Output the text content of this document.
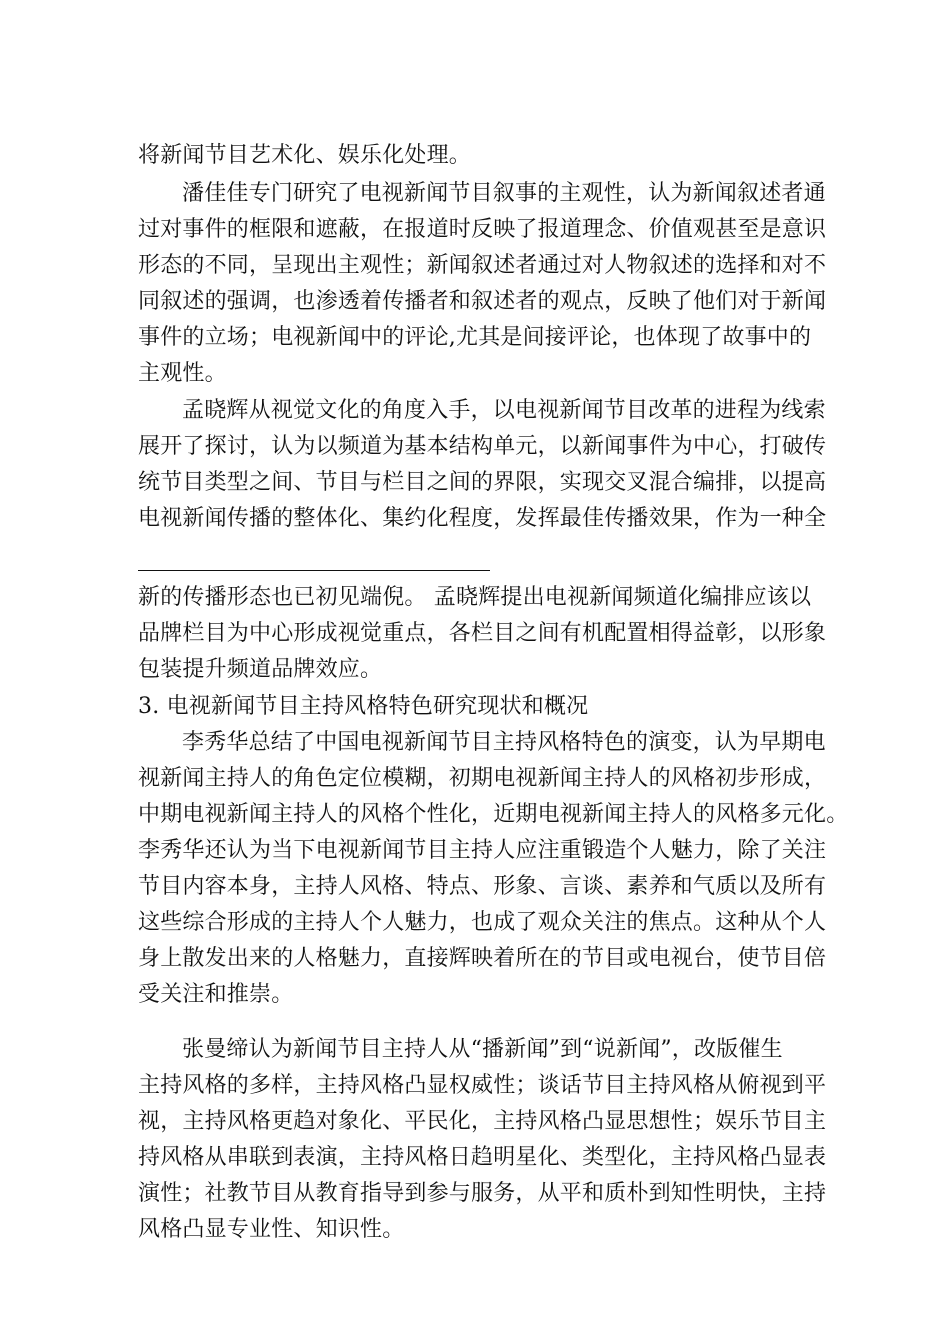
将新闻节目艺术化、娱乐化处理。
潘佳佳专门研究了电视新闻节目叙事的主观性，认为新闻叙述者通
过对事件的框限和遮蔽，在报道时反映了报道理念、价值观甚至是意识
形态的不同，呈现出主观性；新闻叙述者通过对人物叙述的选择和对不
同叙述的强调，也渗透着传播者和叙述者的观点，反映了他们对于新闻
事件的立场；电视新闻中的评论,尤其是间接评论，也体现了故事中的
主观性。
孟晓辉从视觉文化的角度入手，以电视新闻节目改革的进程为线索
展开了探讨，认为以频道为基本结构单元，以新闻事件为中心，打破传
统节目类型之间、节目与栏目之间的界限，实现交叉混合编排，以提高
电视新闻传播的整体化、集约化程度，发挥最佳传播效果，作为一种全
新的传播形态也已初见端倪。 孟晓辉提出电视新闻频道化编排应该以
品牌栏目为中心形成视觉重点，各栏目之间有机配置相得益彰，以形象
包装提升频道品牌效应。
3. 电视新闻节目主持风格特色研究现状和概况
李秀华总结了中国电视新闻节目主持风格特色的演变，认为早期电
视新闻主持人的角色定位模糊，初期电视新闻主持人的风格初步形成，
中期电视新闻主持人的风格个性化，近期电视新闻主持人的风格多元化。
李秀华还认为当下电视新闻节目主持人应注重锻造个人魅力，除了关注
节目内容本身，主持人风格、特点、形象、言谈、素养和气质以及所有
这些综合形成的主持人个人魅力，也成了观众关注的焦点。这种从个人
身上散发出来的人格魅力，直接辉映着所在的节目或电视台，使节目倍
受关注和推崇。
张曼缔认为新闻节目主持人从“播新闻”到“说新闻”，改版催生
主持风格的多样，主持风格凸显权威性；谈话节目主持风格从俯视到平
视，主持风格更趋对象化、平民化，主持风格凸显思想性；娱乐节目主
持风格从串联到表演，主持风格日趋明星化、类型化，主持风格凸显表
演性；社教节目从教育指导到参与服务，从平和质朴到知性明快，主持
风格凸显专业性、知识性。
